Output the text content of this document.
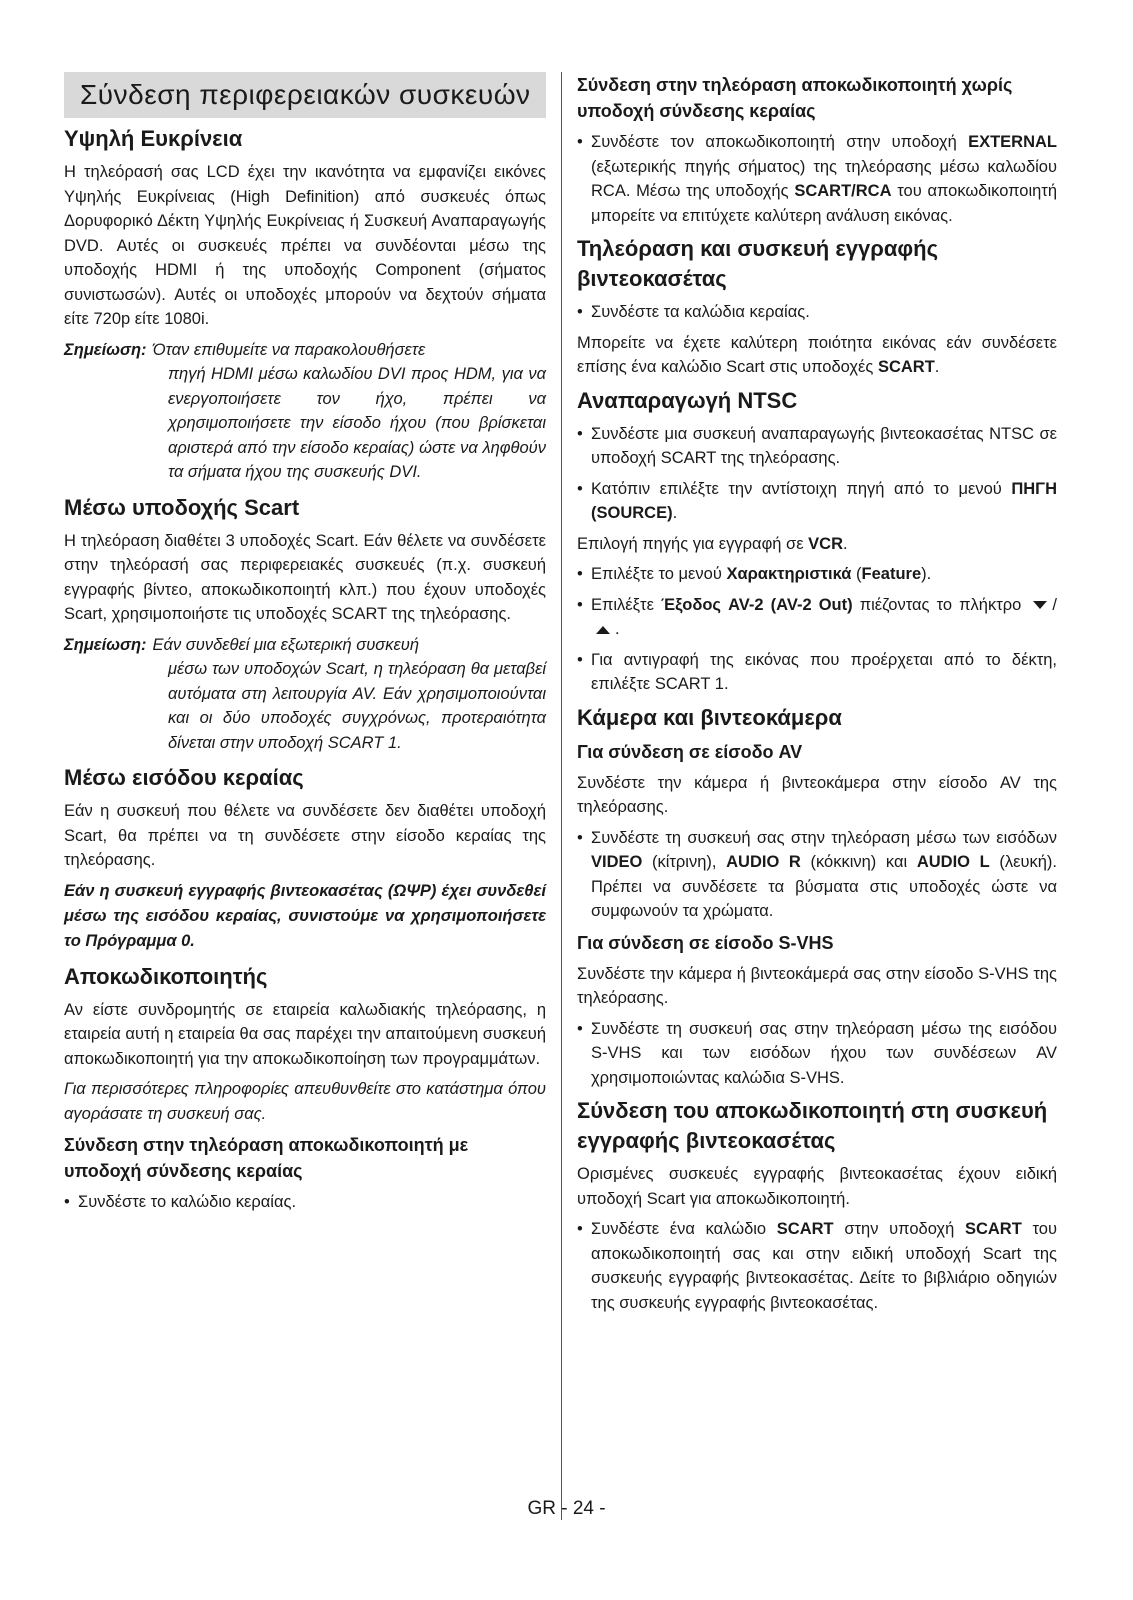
Σύνδεση περιφερειακών συσκευών
Υψηλή Ευκρίνεια

Η τηλεόρασή σας LCD έχει την ικανότητα να εμφανίζει εικόνες Υψηλής Ευκρίνειας (High Definition) από συσκευές όπως Δορυφορικό Δέκτη Υψηλής Ευκρίνειας ή Συσκευή Αναπαραγωγής DVD. Αυτές οι συσκευές πρέπει να συνδέονται μέσω της υποδοχής HDMI ή της υποδοχής Component (σήματος συνιστωσών). Αυτές οι υποδοχές μπορούν να δεχτούν σήματα είτε 720p είτε 1080i.

Σημείωση: Όταν επιθυμείτε να παρακολουθήσετε
πηγή HDMI μέσω καλωδίου DVI προς HDM, για να ενεργοποιήσετε τον ήχο, πρέπει να χρησιμοποιήσετε την είσοδο ήχου (που βρίσκεται αριστερά από την είσοδο κεραίας) ώστε να ληφθούν τα σήματα ήχου της συσκευής DVI.
Μέσω υποδοχής Scart

Η τηλεόραση διαθέτει 3 υποδοχές Scart. Εάν θέλετε να συνδέσετε στην τηλεόρασή σας περιφερειακές συσκευές (π.χ. συσκευή εγγραφής βίντεο, αποκωδικοποιητή κλπ.) που έχουν υποδοχές Scart, χρησιμοποιήστε τις υποδοχές SCART της τηλεόρασης.

Σημείωση: Εάν συνδεθεί μια εξωτερική συσκευή
μέσω των υποδοχών Scart, η τηλεόραση θα μεταβεί αυτόματα στη λειτουργία AV. Εάν χρησιμοποιούνται και οι δύο υποδοχές συγχρόνως, προτεραιότητα δίνεται στην υποδοχή SCART 1.
Μέσω εισόδου κεραίας

Εάν η συσκευή που θέλετε να συνδέσετε δεν διαθέτει υποδοχή Scart, θα πρέπει να τη συνδέσετε στην είσοδο κεραίας της τηλεόρασης.

Εάν η συσκευή εγγραφής βιντεοκασέτας (ΩΨΡ) έχει συνδεθεί μέσω της εισόδου κεραίας, συνιστούμε να χρησιμοποιήσετε το Πρόγραμμα 0.
Αποκωδικοποιητής

Αν είστε συνδρομητής σε εταιρεία καλωδιακής τηλεόρασης, η εταιρεία αυτή η εταιρεία θα σας παρέχει την απαιτούμενη συσκευή αποκωδικοποιητή για την αποκωδικοποίηση των προγραμμάτων.

Για περισσότερες πληροφορίες απευθυνθείτε στο κατάστημα όπου αγοράσατε τη συσκευή σας.

Σύνδεση στην τηλεόραση αποκωδικοποιητή με υποδοχή σύνδεσης κεραίας
• Συνδέστε το καλώδιο κεραίας.
Σύνδεση στην τηλεόραση αποκωδικοποιητή χωρίς υποδοχή σύνδεσης κεραίας
• Συνδέστε τον αποκωδικοποιητή στην υποδοχή EXTERNAL (εξωτερικής πηγής σήματος) της τηλεόρασης μέσω καλωδίου RCA. Μέσω της υποδοχής SCART/RCA του αποκωδικοποιητή μπορείτε να επιτύχετε καλύτερη ανάλυση εικόνας.
Τηλεόραση και συσκευή εγγραφής βιντεοκασέτας
• Συνδέστε τα καλώδια κεραίας.

Μπορείτε να έχετε καλύτερη ποιότητα εικόνας εάν συνδέσετε επίσης ένα καλώδιο Scart στις υποδοχές SCART.

Αναπαραγωγή NTSC
• Συνδέστε μια συσκευή αναπαραγωγής βιντεοκασέτας NTSC σε υποδοχή SCART της τηλεόρασης.
• Κατόπιν επιλέξτε την αντίστοιχη πηγή από το μενού ΠΗΓΗ (SOURCE).

Επιλογή πηγής για εγγραφή σε VCR.

• Επιλέξτε το μενού Χαρακτηριστικά (Feature).
• Επιλέξτε Έξοδος AV-2 (AV-2 Out) πιέζοντας το πλήκτρο /.
• Για αντιγραφή της εικόνας που προέρχεται από το δέκτη, επιλέξτε SCART 1.
Κάμερα και βιντεοκάμερα
Για σύνδεση σε είσοδο AV

Συνδέστε την κάμερα ή βιντεοκάμερα στην είσοδο AV της τηλεόρασης.

• Συνδέστε τη συσκευή σας στην τηλεόραση μέσω των εισόδων VIDEO (κίτρινη), AUDIO R (κόκκινη) και AUDIO L (λευκή). Πρέπει να συνδέσετε τα βύσματα στις υποδοχές ώστε να συμφωνούν τα χρώματα.
Για σύνδεση σε είσοδο S-VHS

Συνδέστε την κάμερα ή βιντεοκάμερά σας στην είσοδο S-VHS της τηλεόρασης.

• Συνδέστε τη συσκευή σας στην τηλεόραση μέσω της εισόδου S-VHS και των εισόδων ήχου των συνδέσεων AV χρησιμοποιώντας καλώδια S-VHS.
Σύνδεση του αποκωδικοποιητή στη συσκευή εγγραφής βιντεοκασέτας

Ορισμένες συσκευές εγγραφής βιντεοκασέτας έχουν ειδική υποδοχή Scart για αποκωδικοποιητή.

• Συνδέστε ένα καλώδιο SCART στην υποδοχή SCART του αποκωδικοποιητή σας και στην ειδική υποδοχή Scart της συσκευής εγγραφής βιντεοκασέτας. Δείτε το βιβλιάριο οδηγιών της συσκευής εγγραφής βιντεοκασέτας.
GR - 24 -
